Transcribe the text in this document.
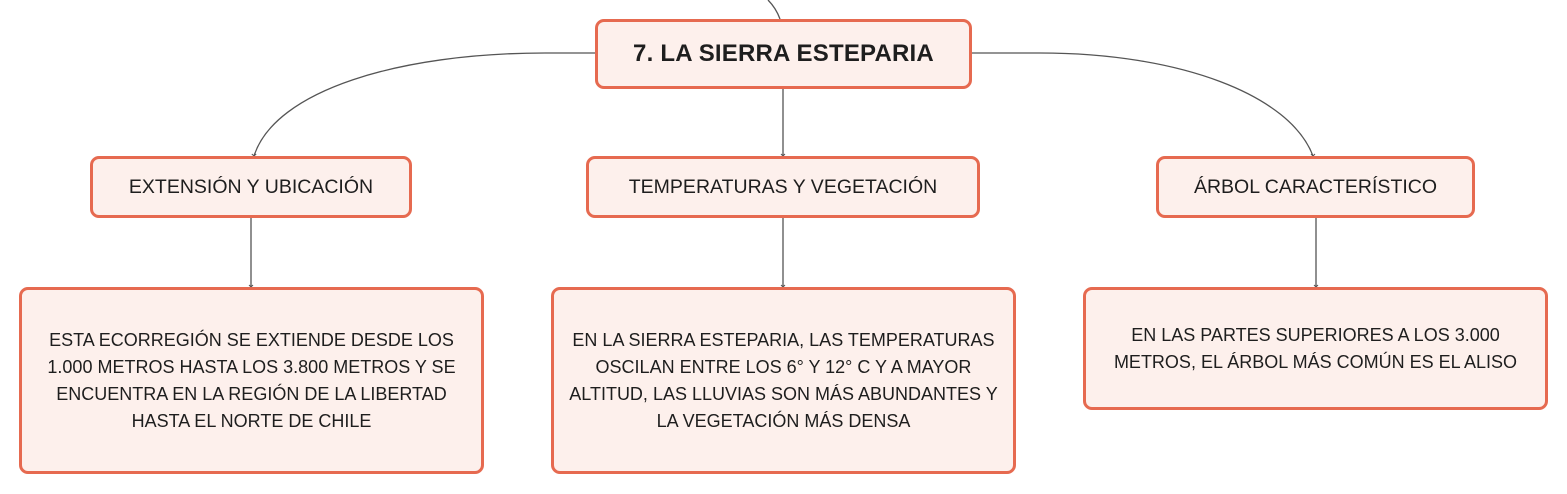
7. LA SIERRA ESTEPARIA
EXTENSIÓN Y UBICACIÓN	TEMPERATURAS Y VEGETACIÓN	ÁRBOL CARACTERÍSTICO
ESTA ECORREGIÓN SE EXTIENDE DESDE LOS 1.000 METROS HASTA LOS 3.800 METROS Y SE ENCUENTRA EN LA REGIÓN DE LA LIBERTAD HASTA EL NORTE DE CHILE
EN LA SIERRA ESTEPARIA, LAS TEMPERATURAS OSCILAN ENTRE LOS 6° Y 12° C Y A MAYOR ALTITUD, LAS LLUVIAS SON MÁS ABUNDANTES Y LA VEGETACIÓN MÁS DENSA
EN LAS PARTES SUPERIORES A LOS 3.000 METROS, EL ÁRBOL MÁS COMÚN ES EL ALISO
